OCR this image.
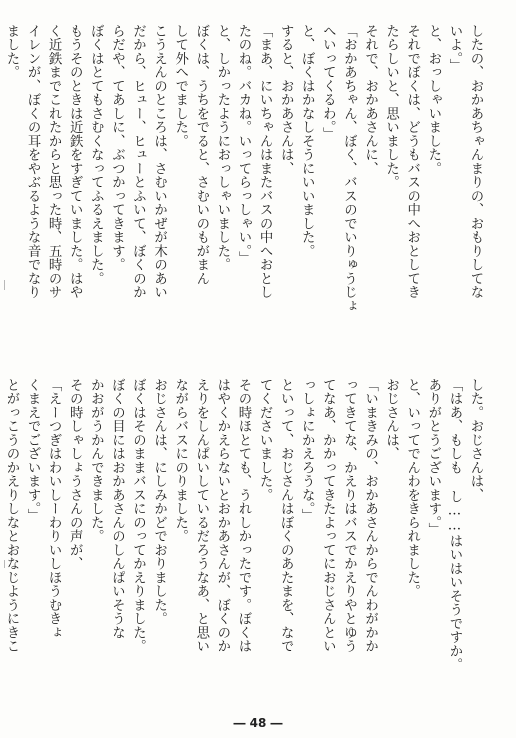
したの、おかあちゃんまりの、おもりしてな

いよ。」

と、おっしゃいました。

それでぼくは、どうもバスの中へおとしてき

たらしいと、思いました。

それで、おかあさんに、

「おかあちゃん、ぼく、バスのでいりゅうじょ

へいってくるわ。」

と、ぼくはかなしそうにいいました。

すると、おかあさんは、

「まあ、にいちゃんはまたバスの中へおとし

たのね。バカね。いってらっしゃい。」

と、しかったようにおっしゃいました。

ぼくは、うちをでると、さむいのもがまん

して外へでました。

こうえんのところは、さむいかぜが木のあい

だから、ヒュー、ヒューとふいて、ぼくのか

らだや、てあしに、ぶつかってきます。

ぼくはとてもさむくなってふるえました。

もうそのときは近鉄をすぎていました。はや

く近鉄までこれたからと思った時、五時のサ

イレンが、ぼくの耳をやぶるような音でなり

ました。

した。おじさんは、

「はあ、もしも し……はいはいそうですか。

ありがとうございます。」

と、いってでんわをきられました。

おじさんは、

「いまきみの、おかあさんからでんわがかか

ってきてな、かえりはバスでかえりやとゆう

てなあ、かかってきたよってにおじさんとい

っしょにかえろうな。」

といって、おじさんはぼくのあたまを、なで

てくださいました。

その時ほとても、うれしかったです。ぼくは

はやくかえらないとおかあさんが、ぼくのか

えりをしんぱいしているだろうなあ、と思い

ながらバスにのりました。

おじさんは、にしみかどでおりました。

ぼくはそのままバスにのってかえりました。

ぼくの目にはおかあさんのしんぱいそうな

かおがうかんできました。

その時しゃしょうさんの声が、

「えーつぎはわいしーわりいしほうむきょ

くまえでございます。」

とがっこうのかえりしなとおなじようにきこ

― 48 ―
